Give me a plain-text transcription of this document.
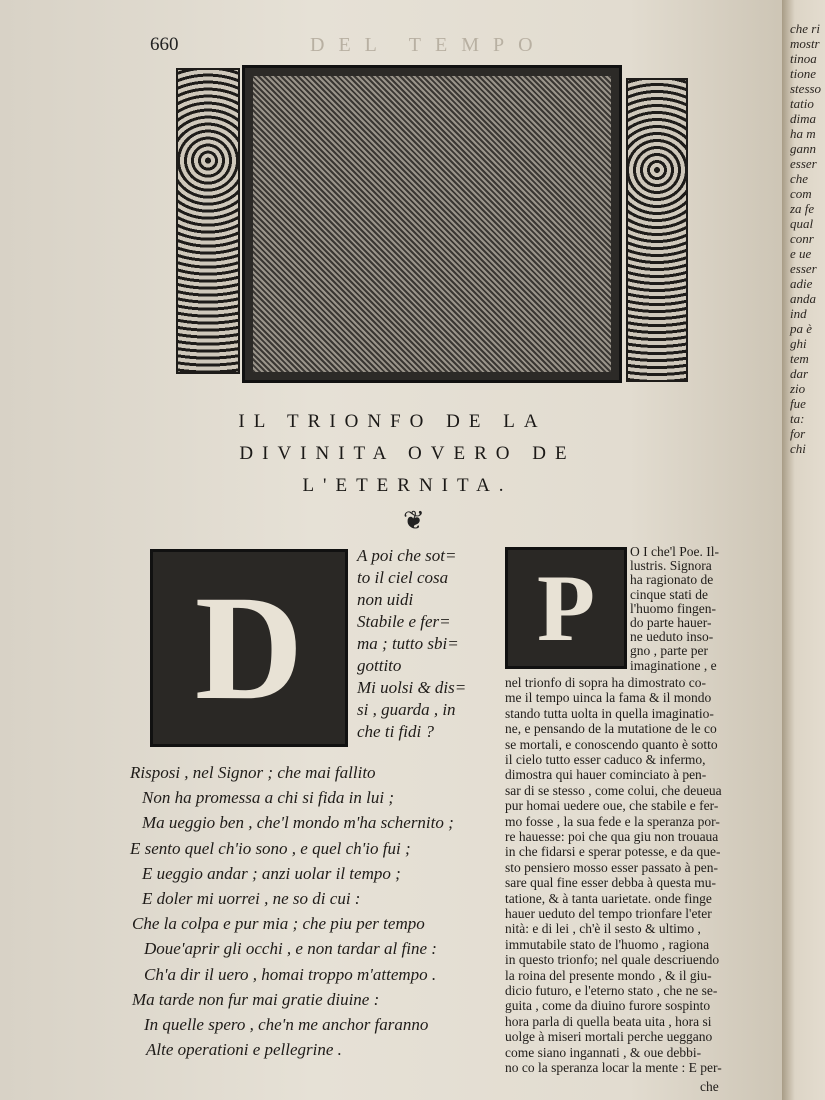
660	DEL TEMPO
IL TRIONFO DE LA
DIVINITA OVERO DE
L'ETERNITA.
❦
D P
A poi che sot=
to il ciel cosa
non uidi
Stabile e fer=
ma ; tutto sbi=
gottito
Mi uolsi & dis=
si , guarda , in
che ti fidi ?
Risposi , nel Signor ; che mai fallito
Non ha promessa a chi si fida in lui ;
Ma ueggio ben , che'l mondo m'ha schernito ;
E sento quel ch'io sono , e quel ch'io fui ;
E ueggio andar ; anzi uolar il tempo ;
E doler mi uorrei , ne so di cui :
Che la colpa e pur mia ; che piu per tempo
Doue'aprir gli occhi , e non tardar al fine :
Ch'a dir il uero , homai troppo m'attempo .
Ma tarde non fur mai gratie diuine :
In quelle spero , che'n me anchor faranno
Alte operationi e pellegrine .
O I che'l Poe. Il-
lustris. Signora
ha ragionato de
cinque stati de
l'huomo fingen-
do parte hauer-
ne ueduto inso-
gno , parte per
imaginatione , e
nel trionfo di sopra ha dimostrato co-
me il tempo uinca la fama & il mondo
stando tutta uolta in quella imaginatio-
ne, e pensando de la mutatione de le co
se mortali, e conoscendo quanto è sotto
il cielo tutto esser caduco & infermo,
dimostra qui hauer cominciato à pen-
sar di se stesso , come colui, che deueua
pur homai uedere oue, che stabile e fer-
mo fosse , la sua fede e la speranza por-
re hauesse: poi che qua giu non trouaua
in che fidarsi e sperar potesse, e da que-
sto pensiero mosso esser passato à pen-
sare qual fine esser debba à questa mu-
tatione, & à tanta uarietate. onde finge
hauer ueduto del tempo trionfare l'eter
nità: e di lei , ch'è il sesto & ultimo ,
immutabile stato de l'huomo , ragiona
in questo trionfo; nel quale descriuendo
la roina del presente mondo , & il giu-
dicio futuro, e l'eterno stato , che ne se-
guita , come da diuino furore sospinto
hora parla di quella beata uita , hora si
uolge à miseri mortali perche ueggano
come siano ingannati , & oue debbi-
no co la speranza locar la mente : E per-
che
che ri
mostr
tinoa
tione
stesso
tatio
dima
ha m
gann
esser
che
com
za fe
qual
conr
e ue
esser
adie
anda
ind
pa è
ghi
tem
dar
zio
fue
ta:
for
chi
